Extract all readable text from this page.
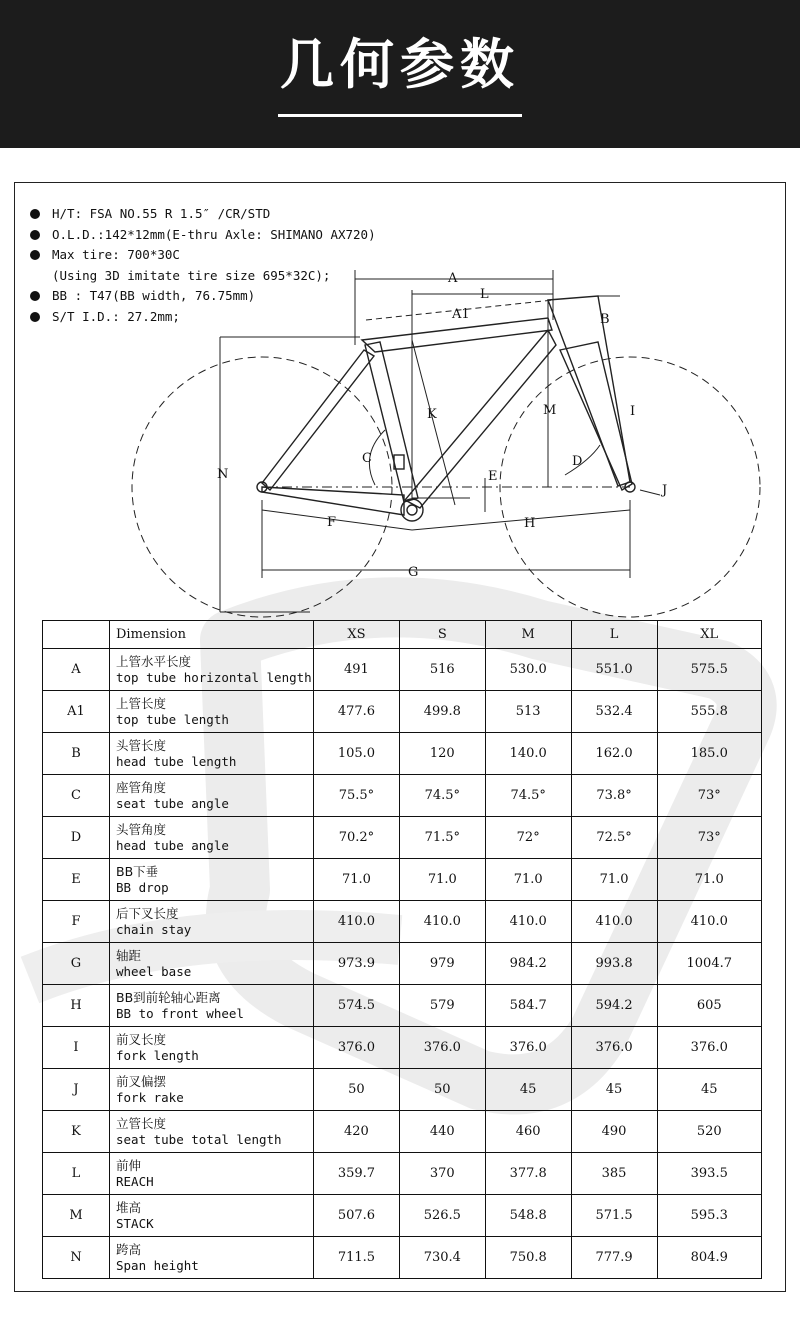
几何参数
H/T: FSA NO.55 R 1.5″ /CR/STD
O.L.D.:142*12mm(E-thru Axle: SHIMANO AX720)
Max tire: 700*30C
(Using 3D imitate tire size 695*32C);
BB : T47(BB width, 76.75mm)
S/T I.D.: 27.2mm;
A
L
A1	B
K	M	I
N
C	D
E
J
F	H
G
	Dimension	XS	S	M	L	XL
A	上管水平长度
top tube horizontal length	491	516	530.0	551.0	575.5
A1	上管长度
top tube length	477.6	499.8	513	532.4	555.8
B	头管长度
head tube length	105.0	120	140.0	162.0	185.0
C	座管角度
seat tube angle	75.5°	74.5°	74.5°	73.8°	73°
D	头管角度
head tube angle	70.2°	71.5°	72°	72.5°	73°
E	BB下垂
BB drop	71.0	71.0	71.0	71.0	71.0
F	后下叉长度
chain stay	410.0	410.0	410.0	410.0	410.0
G	轴距
wheel base	973.9	979	984.2	993.8	1004.7
H	BB到前轮轴心距离
BB to front wheel	574.5	579	584.7	594.2	605
I	前叉长度
fork length	376.0	376.0	376.0	376.0	376.0
J	前叉偏摆
fork rake	50	50	45	45	45
K	立管长度
seat tube total length	420	440	460	490	520
L	前伸
REACH	359.7	370	377.8	385	393.5
M	堆高
STACK	507.6	526.5	548.8	571.5	595.3
N	跨高
Span height	711.5	730.4	750.8	777.9	804.9
